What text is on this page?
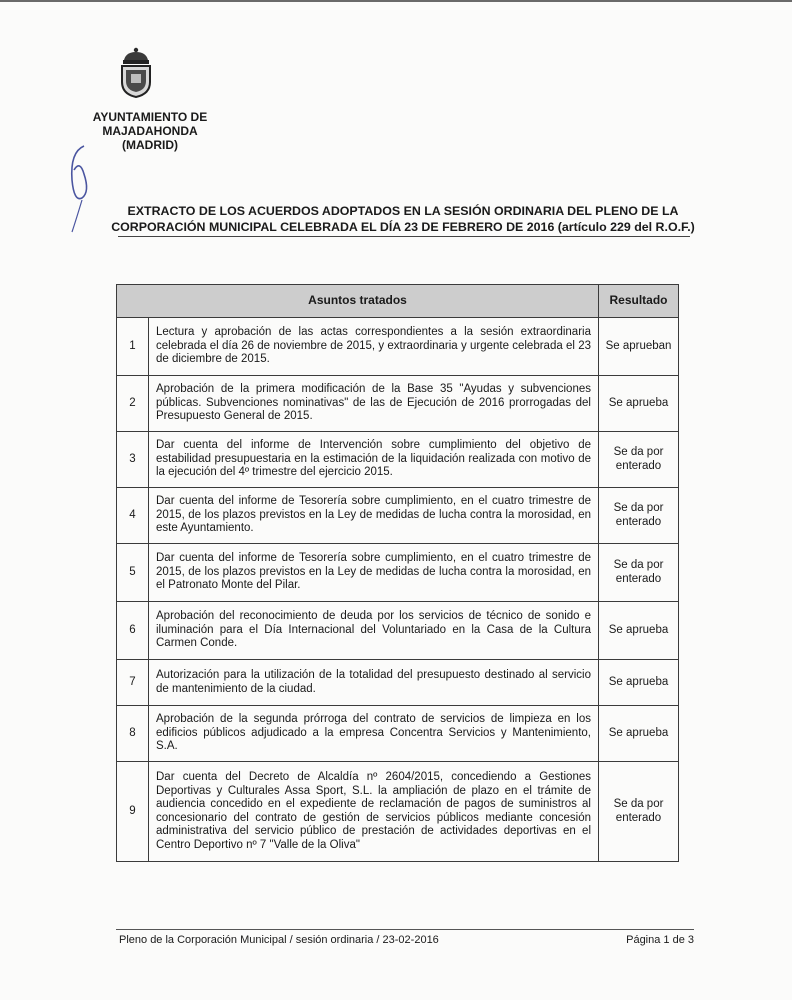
AYUNTAMIENTO DE
MAJADAHONDA
(MADRID)
EXTRACTO DE LOS ACUERDOS ADOPTADOS EN LA SESIÓN ORDINARIA DEL PLENO DE LA
CORPORACIÓN MUNICIPAL CELEBRADA EL DÍA 23 DE FEBRERO DE 2016 (artículo 229 del R.O.F.)
Asuntos tratados		Resultado
1	Lectura y aprobación de las actas correspondientes a la sesión extraordinaria celebrada el día 26 de noviembre de 2015, y extraordinaria y urgente celebrada el 23 de diciembre de 2015.	Se aprueban
2	Aprobación de la primera modificación de la Base 35 "Ayudas y subvenciones públicas. Subvenciones nominativas" de las de Ejecución de 2016 prorrogadas del Presupuesto General de 2015.	Se aprueba
3	Dar cuenta del informe de Intervención sobre cumplimiento del objetivo de estabilidad presupuestaria en la estimación de la liquidación realizada con motivo de la ejecución del 4º trimestre del ejercicio 2015.	Se da por enterado
4	Dar cuenta del informe de Tesorería sobre cumplimiento, en el cuatro trimestre de 2015, de los plazos previstos en la Ley de medidas de lucha contra la morosidad, en este Ayuntamiento.	Se da por enterado
5	Dar cuenta del informe de Tesorería sobre cumplimiento, en el cuatro trimestre de 2015, de los plazos previstos en la Ley de medidas de lucha contra la morosidad, en el Patronato Monte del Pilar.	Se da por enterado
6	Aprobación del reconocimiento de deuda por los servicios de técnico de sonido e iluminación para el Día Internacional del Voluntariado en la Casa de la Cultura Carmen Conde.	Se aprueba
7	Autorización para la utilización de la totalidad del presupuesto destinado al servicio de mantenimiento de la ciudad.	Se aprueba
8	Aprobación de la segunda prórroga del contrato de servicios de limpieza en los edificios públicos adjudicado a la empresa Concentra Servicios y Mantenimiento, S.A.	Se aprueba
9	Dar cuenta del Decreto de Alcaldía nº 2604/2015, concediendo a Gestiones Deportivas y Culturales Assa Sport, S.L. la ampliación de plazo en el trámite de audiencia concedido en el expediente de reclamación de pagos de suministros al concesionario del contrato de gestión de servicios públicos mediante concesión administrativa del servicio público de prestación de actividades deportivas en el Centro Deportivo nº 7 "Valle de la Oliva"	Se da por enterado
Pleno de la Corporación Municipal / sesión ordinaria / 23-02-2016	Página 1 de 3
